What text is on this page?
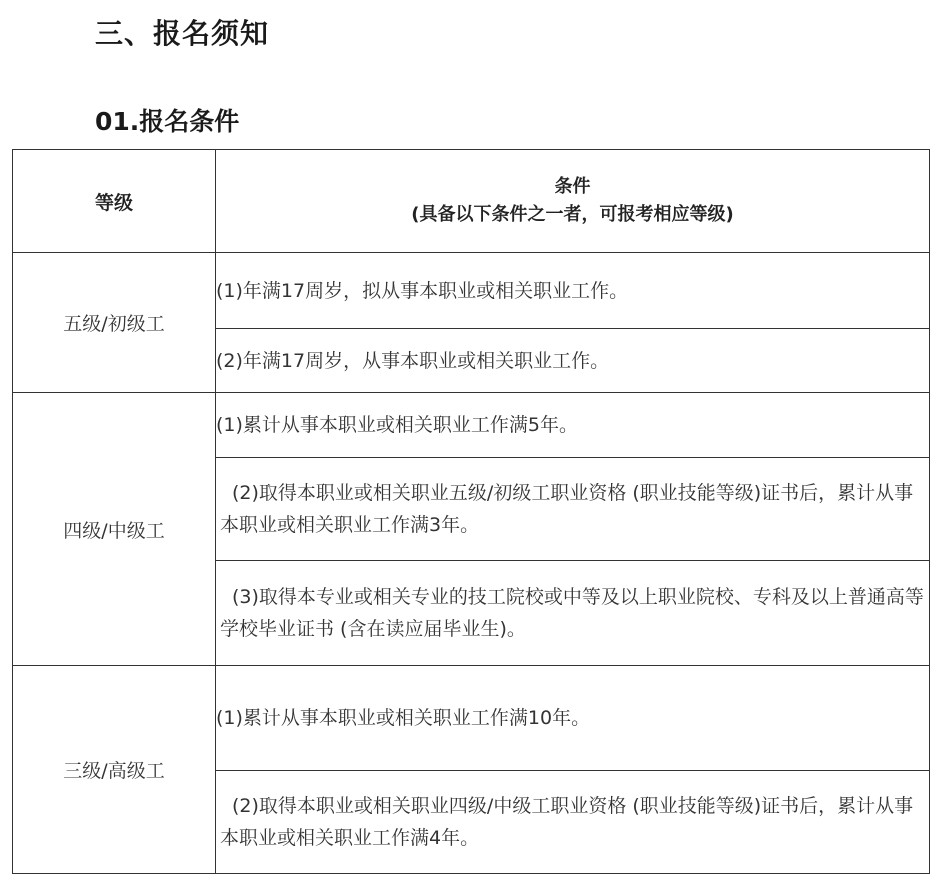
三、报名须知
01.报名条件
等级	条件
(具备以下条件之一者，可报考相应等级)

五级/初级工	(1)年满17周岁，拟从事本职业或相关职业工作。
	(2)年满17周岁，从事本职业或相关职业工作。
四级/中级工	(1)累计从事本职业或相关职业工作满5年。
	(2)取得本职业或相关职业五级/初级工职业资格 (职业技能等级)证书后，累计从事本职业或相关职业工作满3年。
	(3)取得本专业或相关专业的技工院校或中等及以上职业院校、专科及以上普通高等学校毕业证书 (含在读应届毕业生)。
三级/高级工	(1)累计从事本职业或相关职业工作满10年。
	(2)取得本职业或相关职业四级/中级工职业资格 (职业技能等级)证书后，累计从事本职业或相关职业工作满4年。
